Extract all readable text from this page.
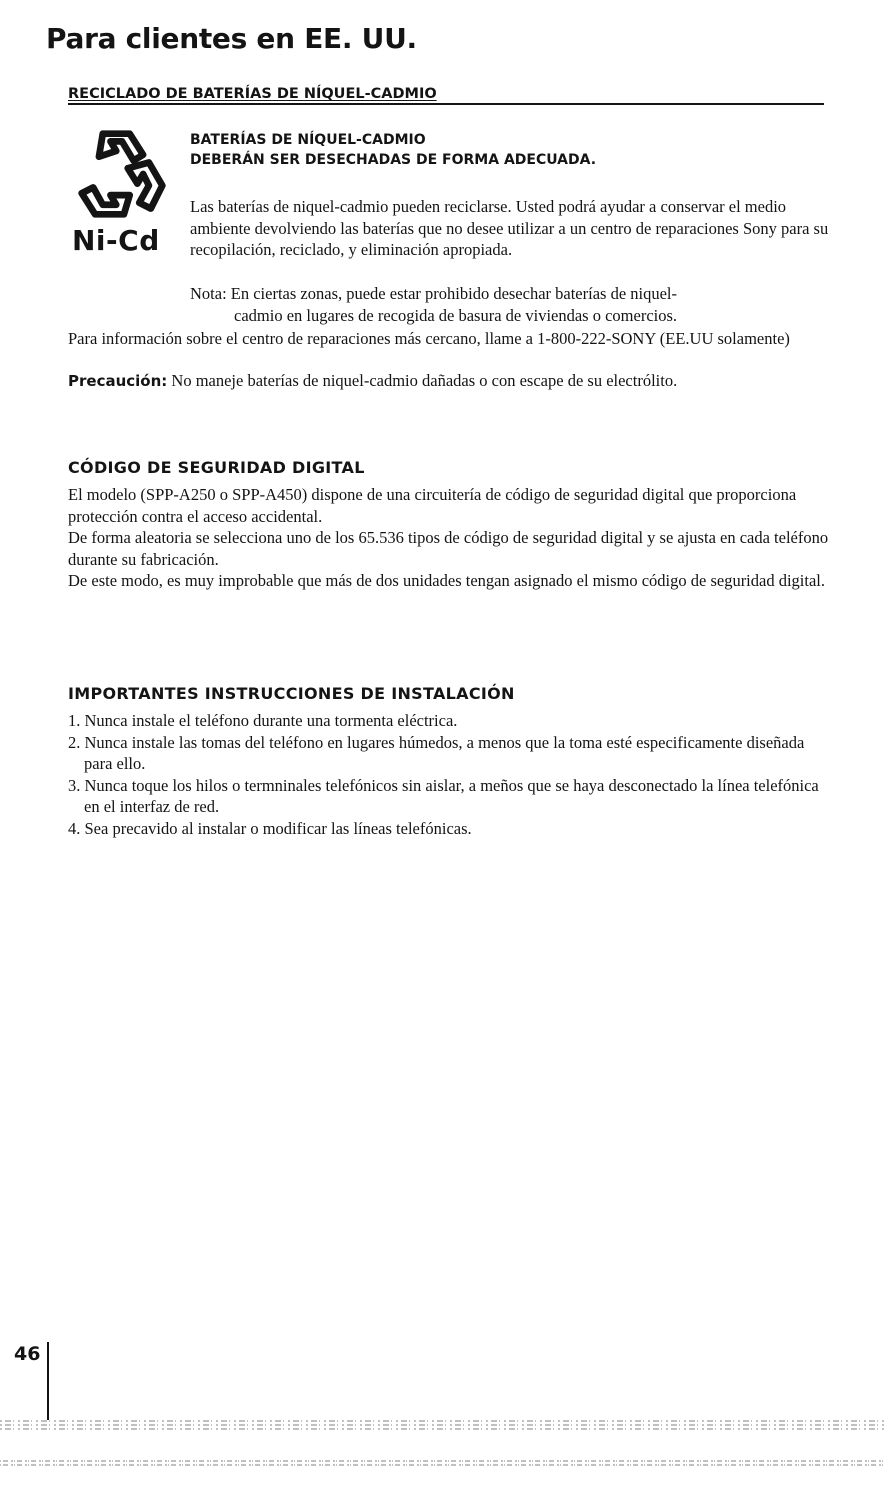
Para clientes en EE. UU.
RECICLADO DE BATERÍAS DE NÍQUEL-CADMIO
Ni-Cd
BATERÍAS DE NÍQUEL-CADMIO
DEBERÁN SER DESECHADAS DE FORMA ADECUADA.

Las baterías de niquel-cadmio pueden reciclarse. Usted podrá ayudar a conservar el medio ambiente devolviendo las baterías que no desee utilizar a un centro de reparaciones Sony para su recopilación, reciclado, y eliminación apropiada.

Nota: En ciertas zonas, puede estar prohibido desechar baterías de niquel-
cadmio en lugares de recogida de basura de viviendas o comercios.

Para información sobre el centro de reparaciones más cercano, llame a 1-800-222-SONY (EE.UU solamente)

Precaución: No maneje baterías de niquel-cadmio dañadas o con escape de su electrólito.

CÓDIGO DE SEGURIDAD DIGITAL
El modelo (SPP-A250 o SPP-A450) dispone de una circuitería de código de seguridad digital que proporciona protección contra el acceso accidental.
De forma aleatoria se selecciona uno de los 65.536 tipos de código de seguridad digital y se ajusta en cada teléfono durante su fabricación.
De este modo, es muy improbable que más de dos unidades tengan asignado el mismo código de seguridad digital.
IMPORTANTES INSTRUCCIONES DE INSTALACIÓN
1. Nunca instale el teléfono durante una tormenta eléctrica.
2. Nunca instale las tomas del teléfono en lugares húmedos, a menos que la toma esté especificamente diseñada para ello.
3. Nunca toque los hilos o termninales telefónicos sin aislar, a meños que se haya desconectado la línea telefónica en el interfaz de red.
4. Sea precavido al instalar o modificar las líneas telefónicas.
46
